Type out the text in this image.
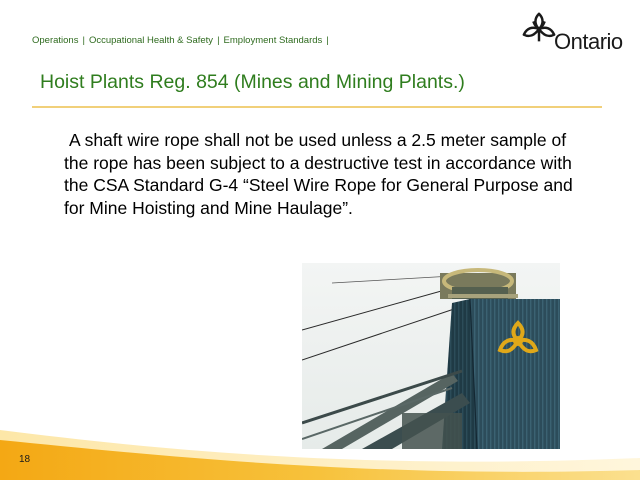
Operations | Occupational Health & Safety | Employment Standards |	Ontario
Hoist Plants Reg. 854 (Mines and Mining Plants.)

A shaft wire rope shall not be used unless a 2.5 meter sample of the rope has been subject to a destructive test in accordance with the CSA Standard G-4 “Steel Wire Rope for General Purpose and for Mine Hoisting and Mine Haulage”.

18
